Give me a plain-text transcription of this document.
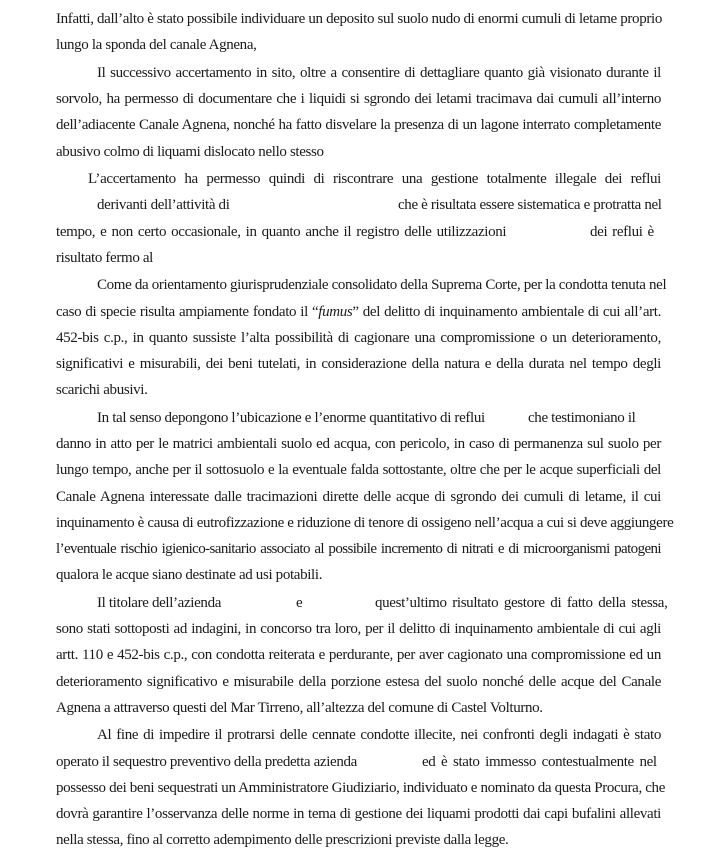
Infatti, dall’alto è stato possibile individuare un deposito sul suolo nudo di enormi cumuli di letame proprio
lungo la sponda del canale Agnena,
Il successivo accertamento in sito, oltre a consentire di dettagliare quanto già visionato durante il
sorvolo, ha permesso di documentare che i liquidi si sgrondo dei letami tracimava dai cumuli all’interno
dell’adiacente Canale Agnena, nonché ha fatto disvelare la presenza di un lagone interrato completamente
abusivo colmo di liquami dislocato nello stesso
L’accertamento ha permesso quindi di riscontrare una gestione totalmente illegale dei reflui
derivanti dell’attività di	che è risultata essere sistematica e protratta nel
tempo, e non certo occasionale, in quanto anche il registro delle utilizzazioni	dei reflui è
risultato fermo al
Come da orientamento giurisprudenziale consolidato della Suprema Corte, per la condotta tenuta nel
caso di specie risulta ampiamente fondato il “fumus” del delitto di inquinamento ambientale di cui all’art.
452-bis c.p., in quanto sussiste l’alta possibilità di cagionare una compromissione o un deterioramento,
significativi e misurabili, dei beni tutelati, in considerazione della natura e della durata nel tempo degli
scarichi abusivi.
In tal senso depongono l’ubicazione e l’enorme quantitativo di reflui	che testimoniano il
danno in atto per le matrici ambientali suolo ed acqua, con pericolo, in caso di permanenza sul suolo per
lungo tempo, anche per il sottosuolo e la eventuale falda sottostante, oltre che per le acque superficiali del
Canale Agnena interessate dalle tracimazioni dirette delle acque di sgrondo dei cumuli di letame, il cui
inquinamento è causa di eutrofizzazione e riduzione di tenore di ossigeno nell’acqua a cui si deve aggiungere
l’eventuale rischio igienico-sanitario associato al possibile incremento di nitrati e di microorganismi patogeni
qualora le acque siano destinate ad usi potabili.
Il titolare dell’azienda	e	quest’ultimo risultato gestore di fatto della stessa,
sono stati sottoposti ad indagini, in concorso tra loro, per il delitto di inquinamento ambientale di cui agli
artt. 110 e 452-bis c.p., con condotta reiterata e perdurante, per aver cagionato una compromissione ed un
deterioramento significativo e misurabile della porzione estesa del suolo nonché delle acque del Canale
Agnena a attraverso questi del Mar Tirreno, all’altezza del comune di Castel Volturno.
Al fine di impedire il protrarsi delle cennate condotte illecite, nei confronti degli indagati è stato
operato il sequestro preventivo della predetta azienda	ed è stato immesso contestualmente nel
possesso dei beni sequestrati un Amministratore Giudiziario, individuato e nominato da questa Procura, che
dovrà garantire l’osservanza delle norme in tema di gestione dei liquami prodotti dai capi bufalini allevati
nella stessa, fino al corretto adempimento delle prescrizioni previste dalla legge.
